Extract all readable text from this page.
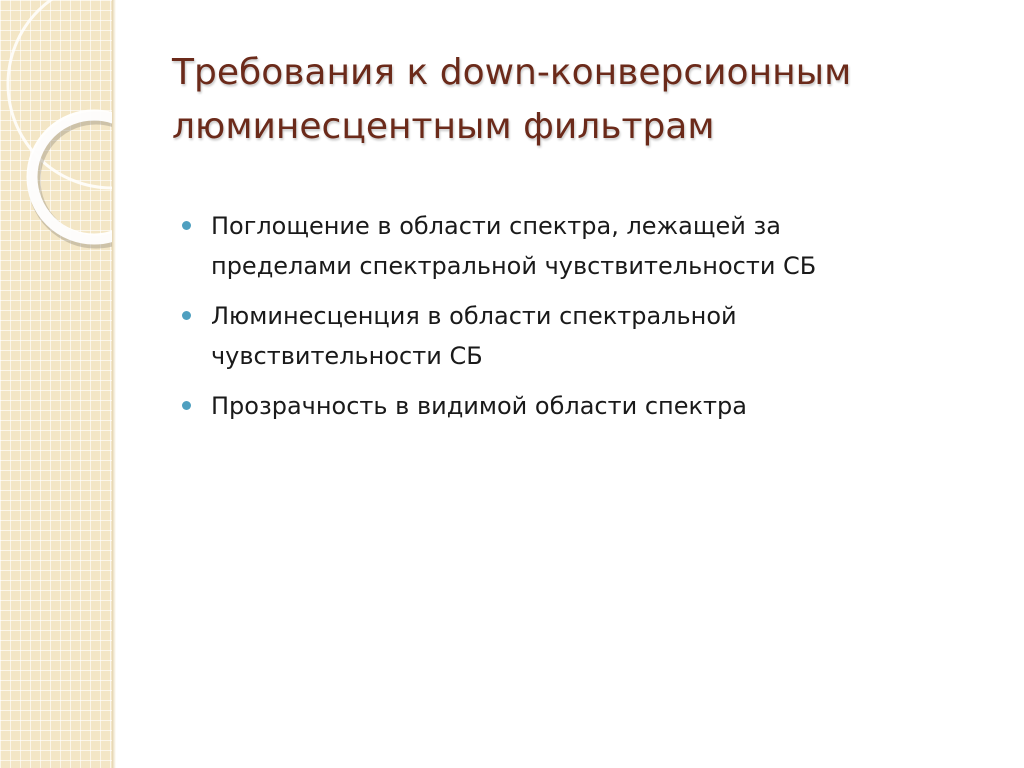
Требования к down-конверсионным
люминесцентным фильтрам
Поглощение в области спектра, лежащей за
пределами спектральной чувствительности СБ
Люминесценция в области спектральной
чувствительности СБ
Прозрачность в видимой области спектра
